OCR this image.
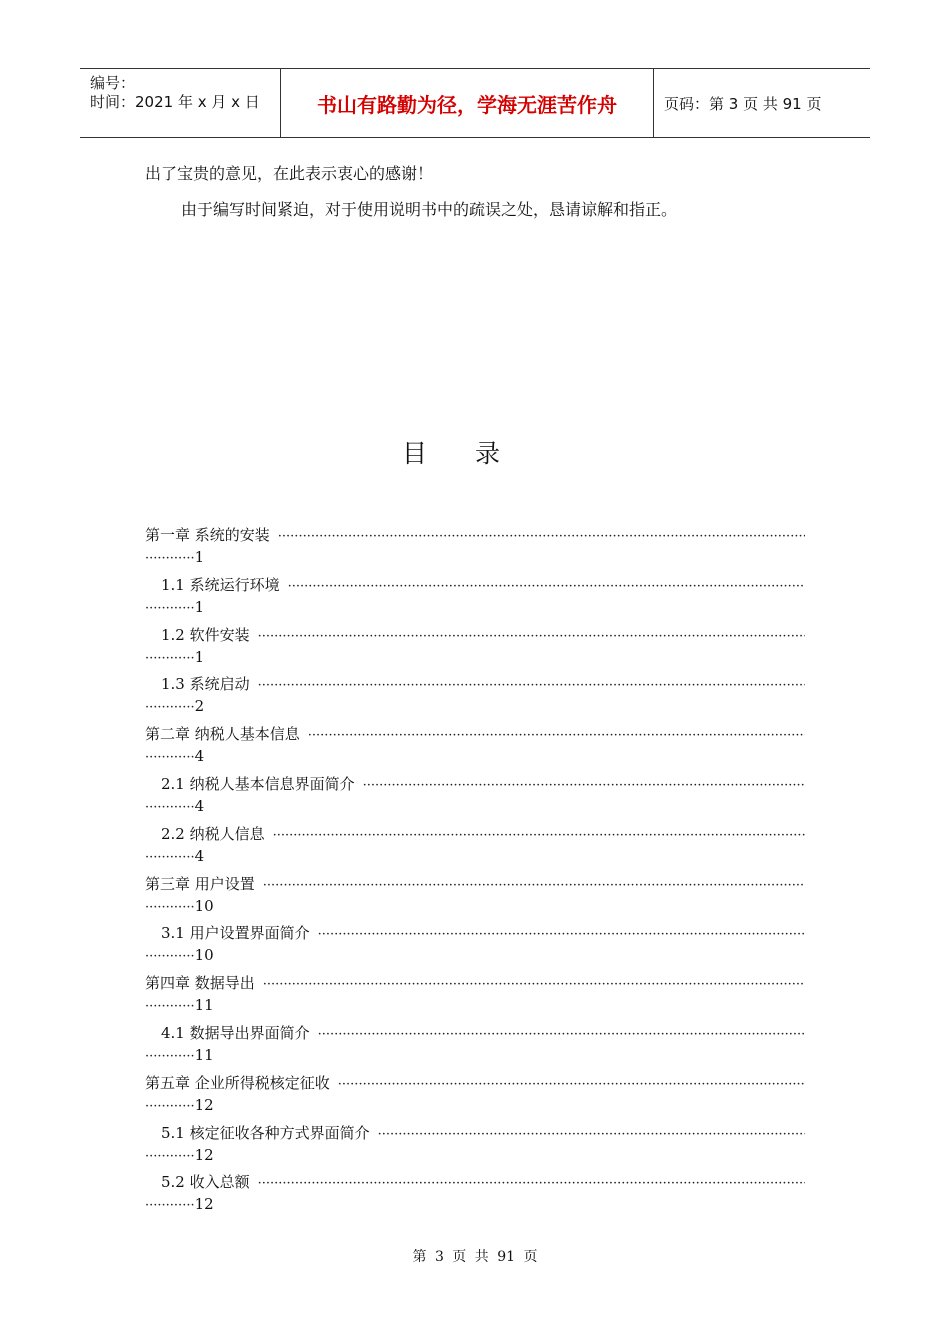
编号：
时间：2021 年 x 月 x 日	书山有路勤为径，学海无涯苦作舟	页码：第 3 页 共 91 页
出了宝贵的意见，在此表示衷心的感谢！
由于编写时间紧迫，对于使用说明书中的疏误之处，恳请谅解和指正。
目录
第一章 系统的安装
·····
············1
1.1 系统运行环境
·····
············1
1.2 软件安装
·····
············1
1.3 系统启动
·····
············2
第二章 纳税人基本信息
·····
············4
2.1 纳税人基本信息界面简介
·····
············4
2.2 纳税人信息
·····
············4
第三章 用户设置
·····
············10
3.1 用户设置界面简介
·····
············10
第四章 数据导出
·····
············11
4.1 数据导出界面简介
·····
············11
第五章 企业所得税核定征收
·····
············12
5.1 核定征收各种方式界面简介
·····
············12
5.2 收入总额
·····
············12
第 3 页 共 91 页
